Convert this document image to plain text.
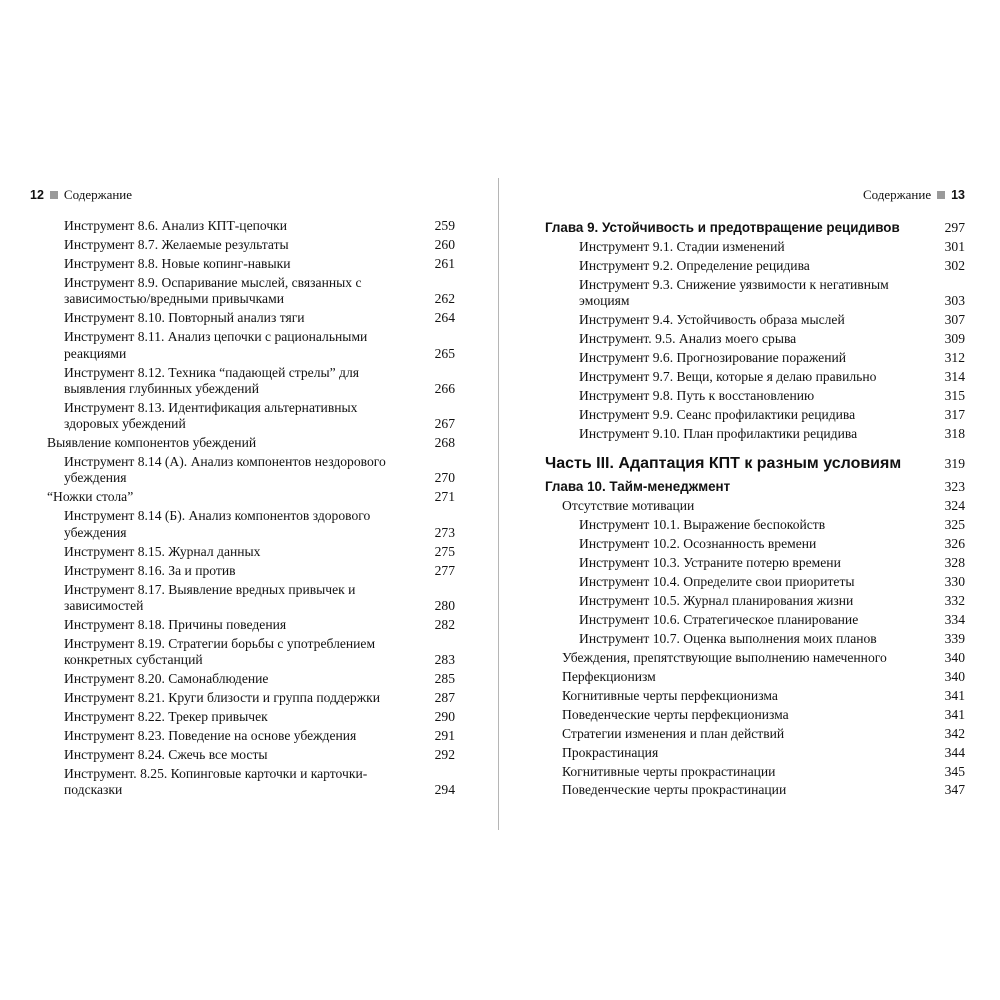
12 Содержание
Инструмент 8.6. Анализ КПТ-цепочки	259
Инструмент 8.7. Желаемые результаты	260
Инструмент 8.8. Новые копинг-навыки	261
Инструмент 8.9. Оспаривание мыслей, связанных с зависимостью/вредными привычками	262
Инструмент 8.10. Повторный анализ тяги	264
Инструмент 8.11. Анализ цепочки с рациональными реакциями	265
Инструмент 8.12. Техника “падающей стрелы” для выявления глубинных убеждений	266
Инструмент 8.13. Идентификация альтернативных здоровых убеждений	267
Выявление компонентов убеждений	268
Инструмент 8.14 (А). Анализ компонентов нездорового убеждения	270
“Ножки стола”	271
Инструмент 8.14 (Б). Анализ компонентов здорового убеждения	273
Инструмент 8.15. Журнал данных	275
Инструмент 8.16. За и против	277
Инструмент 8.17. Выявление вредных привычек и зависимостей	280
Инструмент 8.18. Причины поведения	282
Инструмент 8.19. Стратегии борьбы с употреблением конкретных субстанций	283
Инструмент 8.20. Самонаблюдение	285
Инструмент 8.21. Круги близости и группа поддержки	287
Инструмент 8.22. Трекер привычек	290
Инструмент 8.23. Поведение на основе убеждения	291
Инструмент 8.24. Сжечь все мосты	292
Инструмент. 8.25. Копинговые карточки и карточки-подсказки	294
Содержание 13
Глава 9. Устойчивость и предотвращение рецидивов	297
Инструмент 9.1. Стадии изменений	301
Инструмент 9.2. Определение рецидива	302
Инструмент 9.3. Снижение уязвимости к негативным эмоциям	303
Инструмент 9.4. Устойчивость образа мыслей	307
Инструмент. 9.5. Анализ моего срыва	309
Инструмент 9.6. Прогнозирование поражений	312
Инструмент 9.7. Вещи, которые я делаю правильно	314
Инструмент 9.8. Путь к восстановлению	315
Инструмент 9.9. Сеанс профилактики рецидива	317
Инструмент 9.10. План профилактики рецидива	318
Часть III. Адаптация КПТ к разным условиям	319
Глава 10. Тайм-менеджмент	323
Отсутствие мотивации	324
Инструмент 10.1. Выражение беспокойств	325
Инструмент 10.2. Осознанность времени	326
Инструмент 10.3. Устраните потерю времени	328
Инструмент 10.4. Определите свои приоритеты	330
Инструмент 10.5. Журнал планирования жизни	332
Инструмент 10.6. Стратегическое планирование	334
Инструмент 10.7. Оценка выполнения моих планов	339
Убеждения, препятствующие выполнению намеченного	340
Перфекционизм	340
Когнитивные черты перфекционизма	341
Поведенческие черты перфекционизма	341
Стратегии изменения и план действий	342
Прокрастинация	344
Когнитивные черты прокрастинации	345
Поведенческие черты прокрастинации	347
